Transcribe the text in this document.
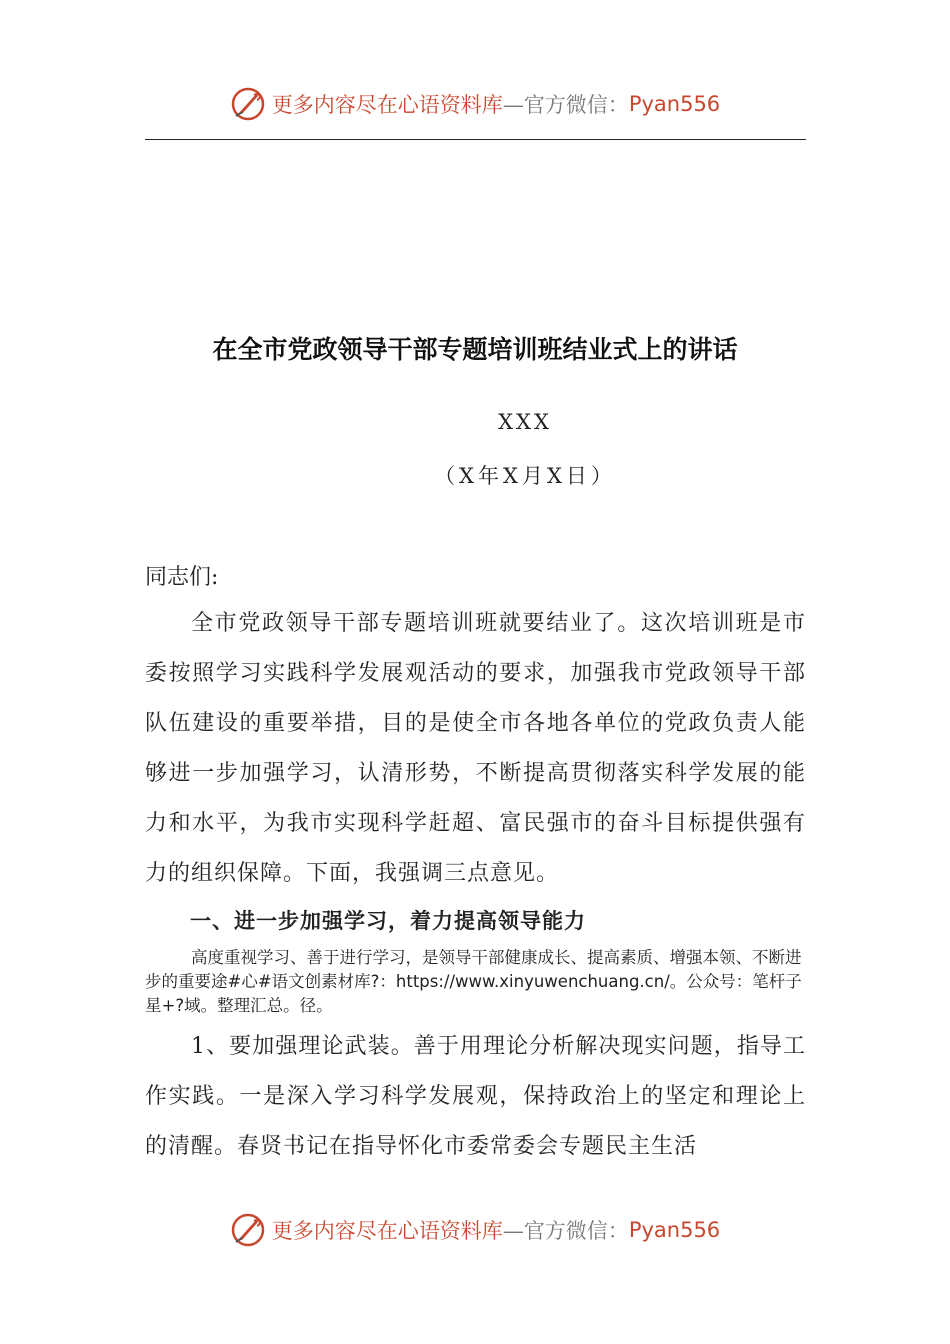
更多内容尽在心语资料库 —官方微信： Pyan556
在全市党政领导干部专题培训班结业式上的讲话
XXX
（X年X月X日）
同志们:
全市党政领导干部专题培训班就要结业了。这次培训班是市委按照学习实践科学发展观活动的要求，加强我市党政领导干部队伍建设的重要举措，目的是使全市各地各单位的党政负责人能够进一步加强学习，认清形势，不断提高贯彻落实科学发展的能力和水平，为我市实现科学赶超、富民强市的奋斗目标提供强有力的组织保障。下面，我强调三点意见。
一、进一步加强学习，着力提高领导能力
高度重视学习、善于进行学习，是领导干部健康成长、提高素质、增强本领、不断进步的重要途#心#语文创素材库?：https://www.xinyuwenchuang.cn/。公众号：笔杆子星+?域。整理汇总。径。
1、要加强理论武装。善于用理论分析解决现实问题，指导工作实践。一是深入学习科学发展观，保持政治上的坚定和理论上的清醒。春贤书记在指导怀化市委常委会专题民主生活
更多内容尽在心语资料库 —官方微信： Pyan556
